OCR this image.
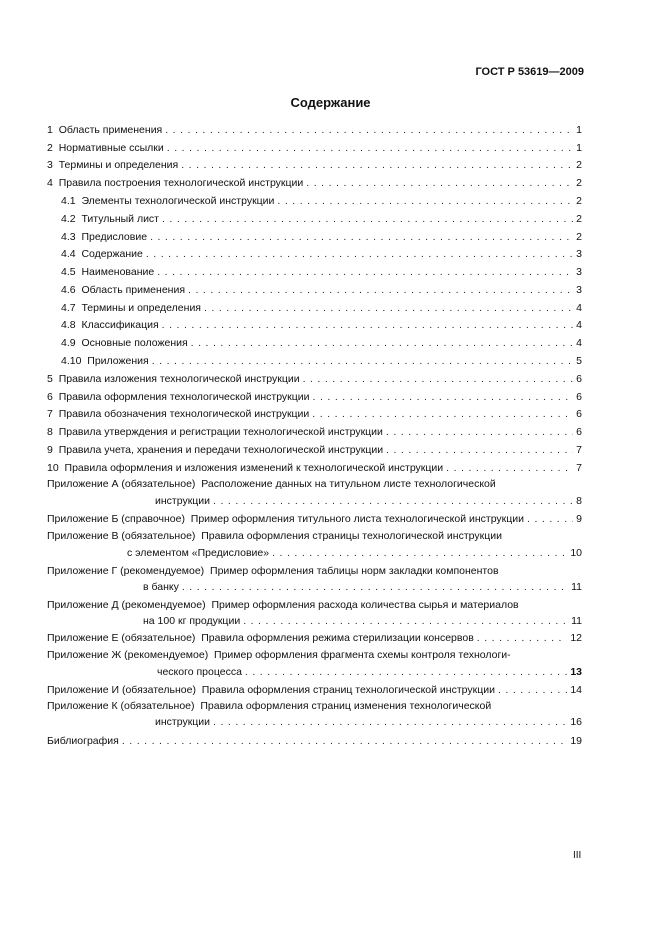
ГОСТ Р 53619—2009
Содержание
1 Область применения . . .	1
2 Нормативные ссылки . . .	1
3 Термины и определения . . .	2
4 Правила построения технологической инструкции . . .	2
4.1 Элементы технологической инструкции . . .	2
4.2 Титульный лист . . .	2
4.3 Предисловие . . .	2
4.4 Содержание . . .	3
4.5 Наименование . . .	3
4.6 Область применения . . .	3
4.7 Термины и определения . . .	4
4.8 Классификация . . .	4
4.9 Основные положения . . .	4
4.10 Приложения . . .	5
5 Правила изложения технологической инструкции . . .	6
6 Правила оформления технологической инструкции . . .	6
7 Правила обозначения технологической инструкции . . .	6
8 Правила утверждения и регистрации технологической инструкции . . .	6
9 Правила учета, хранения и передачи технологической инструкции . . .	7
10 Правила оформления и изложения изменений к технологической инструкции . . .	7
Приложение А (обязательное)  Расположение данных на титульном листе технологической
инструкции . . .	8
Приложение Б (справочное)  Пример оформления титульного листа технологической инструкции . . .	9
Приложение В (обязательное)  Правила оформления страницы технологической инструкции
с элементом «Предисловие» . . .	10
Приложение Г (рекомендуемое)  Пример оформления таблицы норм закладки компонентов
в банку . . .	11
Приложение Д (рекомендуемое)  Пример оформления расхода количества сырья и материалов
на 100 кг продукции . . .	11
Приложение Е (обязательное)  Правила оформления режима стерилизации консервов . . .	12
Приложение Ж (рекомендуемое)  Пример оформления фрагмента схемы контроля технологи-
ческого процесса . . .	13
Приложение И (обязательное)  Правила оформления страниц технологической инструкции . . .	14
Приложение К (обязательное)  Правила оформления страниц изменения технологической
инструкции . . .	16
Библиография . . .	19
III
